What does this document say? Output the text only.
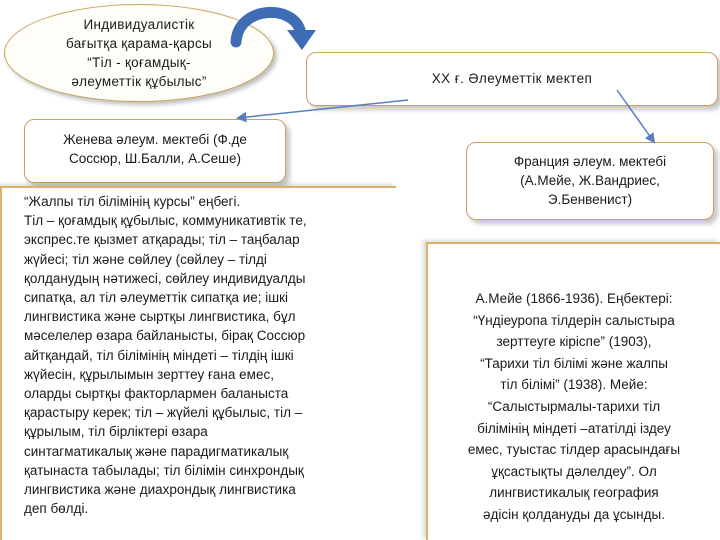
Индивидуалистік
бағытқа қарама-қарсы
“Тіл - қоғамдық-
әлеуметтік құбылыс”	XX ғ. Әлеуметтік мектеп
Женева әлеум. мектебі (Ф.де
Соссюр, Ш.Балли, А.Сеше)	Франция әлеум. мектебі
(А.Мейе, Ж.Вандриес,
Э.Бенвенист)
“Жалпы тіл білімінің курсы” еңбегі.
Тіл – қоғамдық құбылыс, коммуникативтік те,
экспрес.те қызмет атқарады; тіл – таңбалар
жүйесі; тіл және сөйлеу (сөйлеу – тілді
қолданудың нәтижесі, сөйлеу индивидуалды
сипатқа, ал тіл әлеуметтік сипатқа ие; ішкі
лингвистика және сыртқы лингвистика, бұл
мәселелер өзара байланысты, бірақ Соссюр
айтқандай, тіл білімінің міндеті – тілдің ішкі
жүйесін, құрылымын зерттеу ғана емес,
оларды сыртқы факторлармен баланыста
қарастыру керек; тіл – жүйелі құбылыс, тіл –
құрылым, тіл бірліктері өзара
синтагматикалық және парадигматикалық
қатынаста табылады; тіл білімін синхрондық
лингвистика және диахрондық лингвистика
деп бөлді.
А.Мейе (1866-1936). Еңбектері:
“Үндіеуропа тілдерін салыстыра
зерттеуге кіріспе” (1903),
“Тарихи тіл білімі және жалпы
тіл білімі” (1938). Мейе:
“Салыстырмалы-тарихи тіл
білімінің міндеті –ататілді іздеу
емес, туыстас тілдер арасындағы
ұқсастықты дәлелдеу”. Ол
лингвистикалық география
әдісін қолдануды да ұсынды.
